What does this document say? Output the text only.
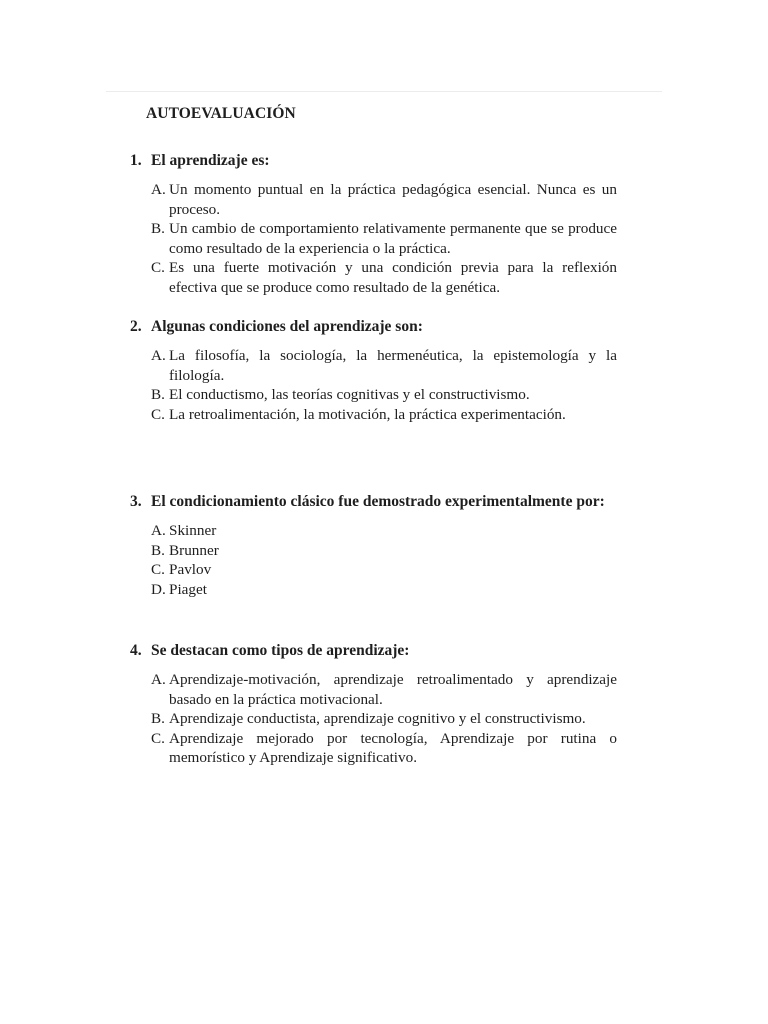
AUTOEVALUACIÓN
1. El aprendizaje es:
A. Un momento puntual en la práctica pedagógica esencial. Nunca es un proceso.
B. Un cambio de comportamiento relativamente permanente que se produce como resultado de la experiencia o la práctica.
C. Es una fuerte motivación y una condición previa para la reflexión efectiva que se produce como resultado de la genética.
2. Algunas condiciones del aprendizaje son:
A. La filosofía, la sociología, la hermenéutica, la epistemología y la filología.
B. El conductismo, las teorías cognitivas y el constructivismo.
C. La retroalimentación, la motivación, la práctica experimentación.
3. El condicionamiento clásico fue demostrado experimentalmente por:
A. Skinner
B. Brunner
C. Pavlov
D. Piaget
4. Se destacan como tipos de aprendizaje:
A. Aprendizaje-motivación, aprendizaje retroalimentado y aprendizaje basado en la práctica motivacional.
B. Aprendizaje conductista, aprendizaje cognitivo y el constructivismo.
C. Aprendizaje mejorado por tecnología, Aprendizaje por rutina o memorístico y Aprendizaje significativo.
